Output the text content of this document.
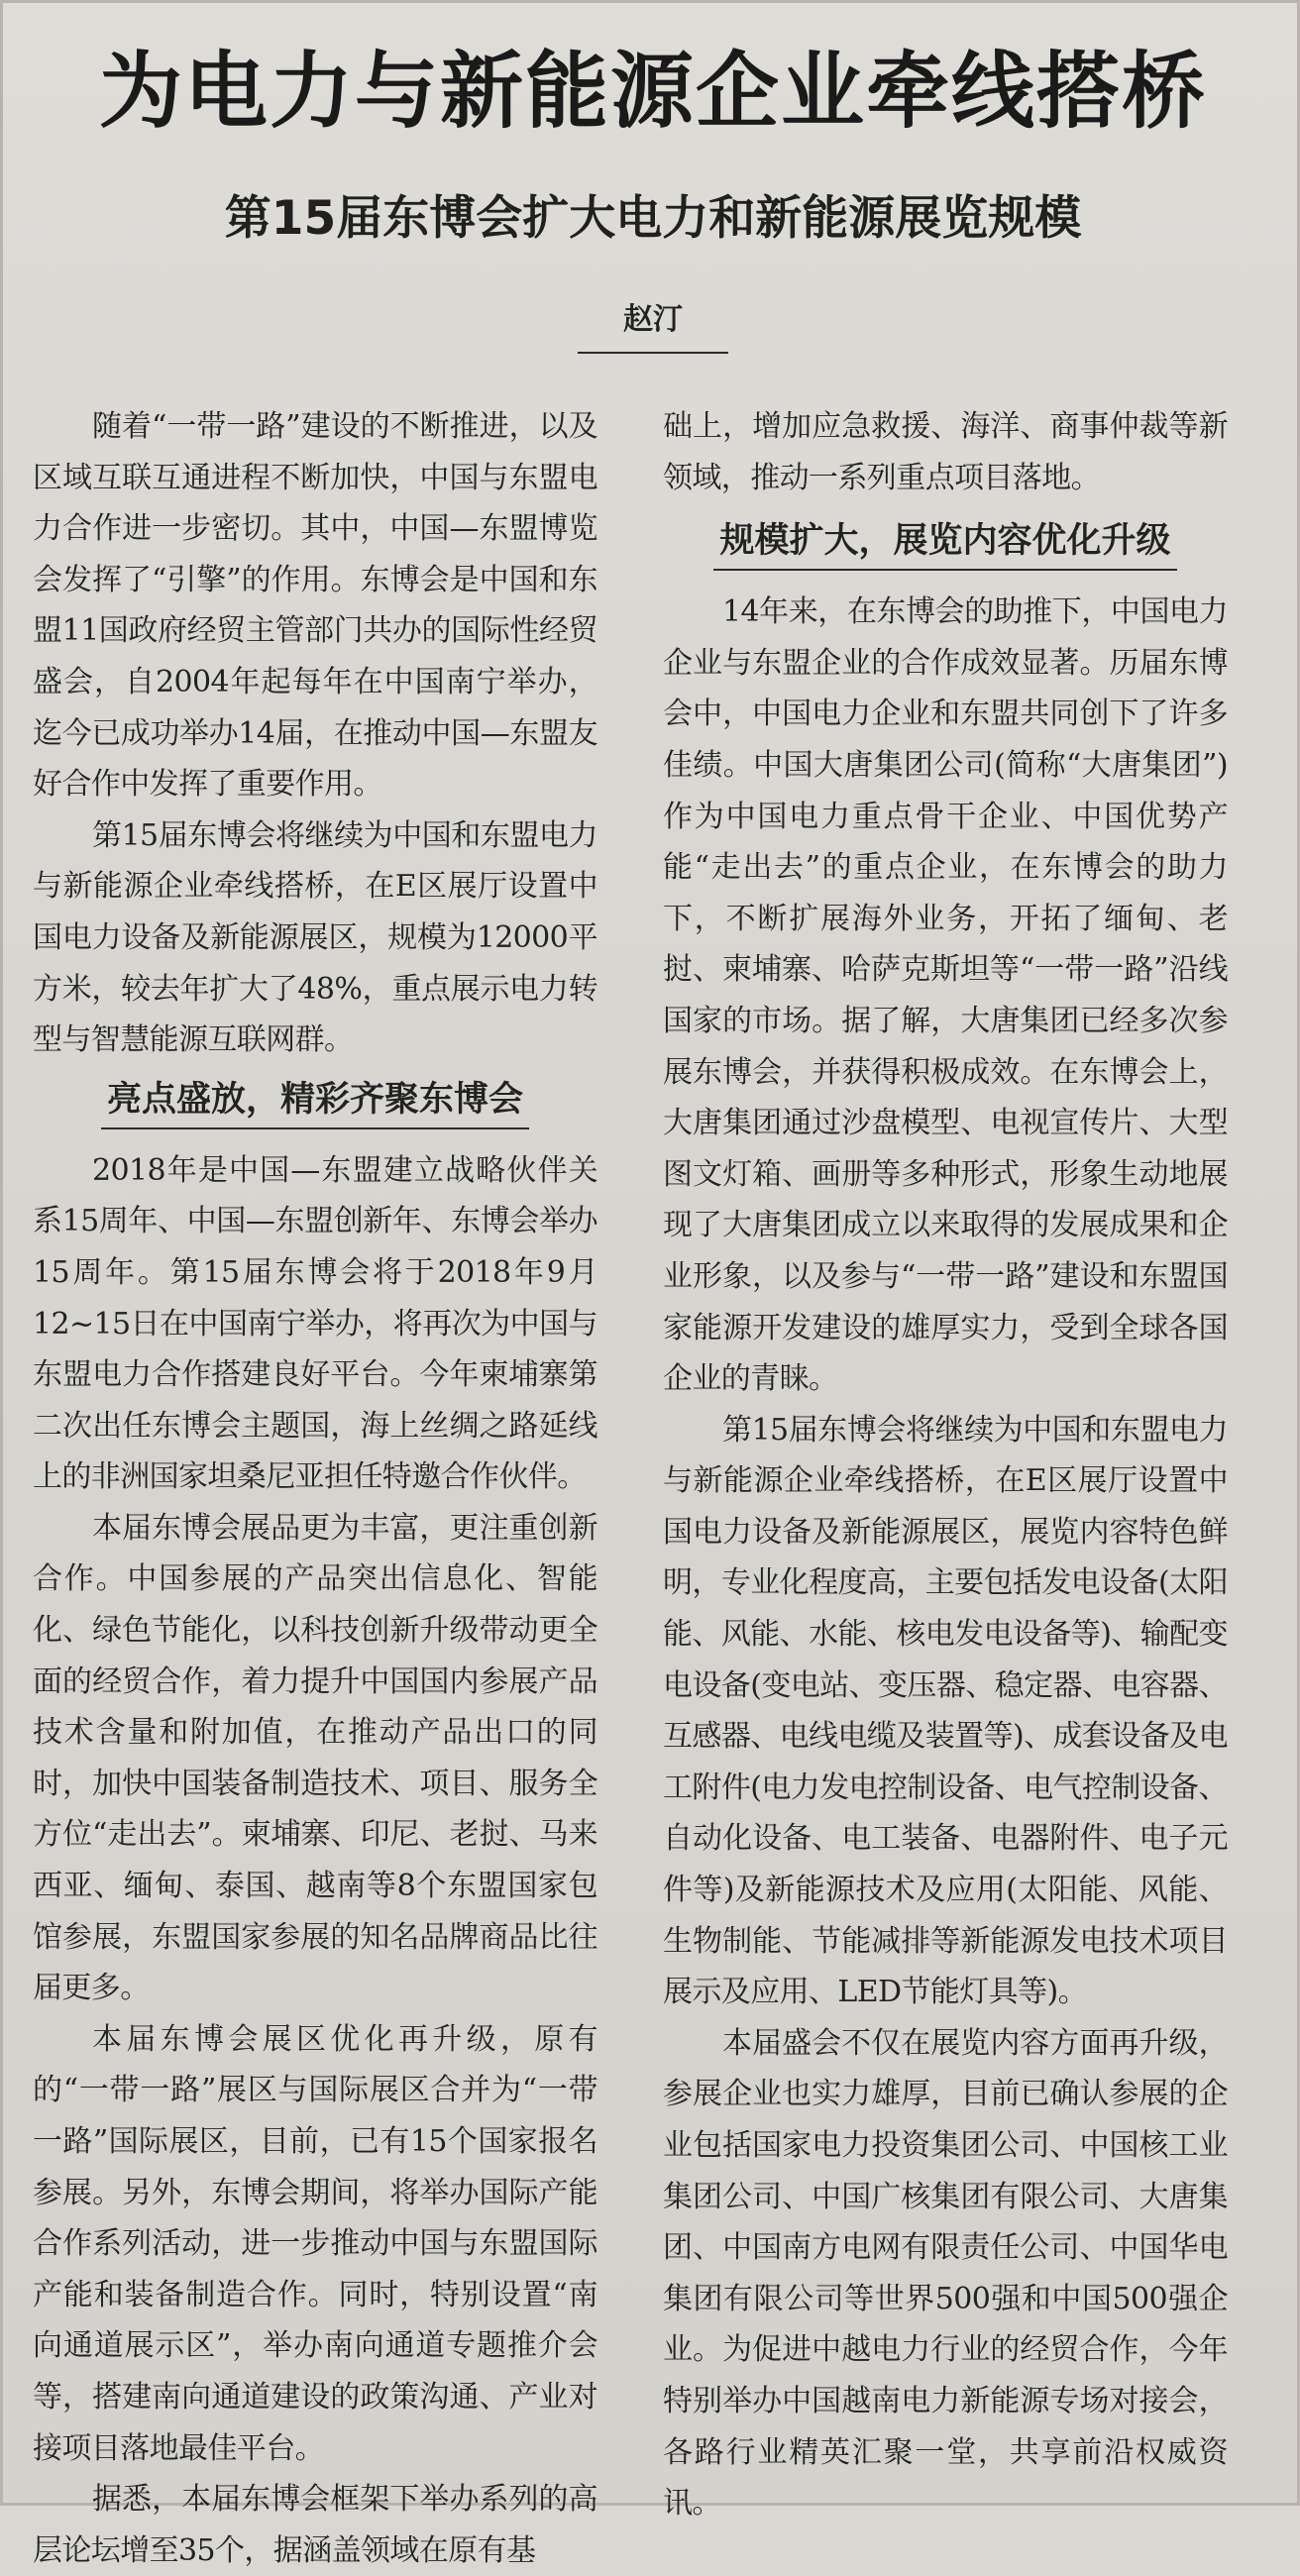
为电力与新能源企业牵线搭桥
第15届东博会扩大电力和新能源展览规模
赵汀

随着“一带一路”建设的不断推进，以及区域互联互通进程不断加快，中国与东盟电力合作进一步密切。其中，中国—东盟博览会发挥了“引擎”的作用。东博会是中国和东盟11国政府经贸主管部门共办的国际性经贸盛会，自2004年起每年在中国南宁举办，迄今已成功举办14届，在推动中国—东盟友好合作中发挥了重要作用。

第15届东博会将继续为中国和东盟电力与新能源企业牵线搭桥，在E区展厅设置中国电力设备及新能源展区，规模为12000平方米，较去年扩大了48%，重点展示电力转型与智慧能源互联网群。

亮点盛放，精彩齐聚东博会

2018年是中国—东盟建立战略伙伴关系15周年、中国—东盟创新年、东博会举办15周年。第15届东博会将于2018年9月12~15日在中国南宁举办，将再次为中国与东盟电力合作搭建良好平台。今年柬埔寨第二次出任东博会主题国，海上丝绸之路延线上的非洲国家坦桑尼亚担任特邀合作伙伴。

本届东博会展品更为丰富，更注重创新合作。中国参展的产品突出信息化、智能化、绿色节能化，以科技创新升级带动更全面的经贸合作，着力提升中国国内参展产品技术含量和附加值，在推动产品出口的同时，加快中国装备制造技术、项目、服务全方位“走出去”。柬埔寨、印尼、老挝、马来西亚、缅甸、泰国、越南等8个东盟国家包馆参展，东盟国家参展的知名品牌商品比往届更多。

本届东博会展区优化再升级，原有的“一带一路”展区与国际展区合并为“一带一路”国际展区，目前，已有15个国家报名参展。另外，东博会期间，将举办国际产能合作系列活动，进一步推动中国与东盟国际产能和装备制造合作。同时，特别设置“南向通道展示区”，举办南向通道专题推介会等，搭建南向通道建设的政策沟通、产业对接项目落地最佳平台。

据悉，本届东博会框架下举办系列的高层论坛增至35个，据涵盖领域在原有基

础上，增加应急救援、海洋、商事仲裁等新领域，推动一系列重点项目落地。

规模扩大，展览内容优化升级

14年来，在东博会的助推下，中国电力企业与东盟企业的合作成效显著。历届东博会中，中国电力企业和东盟共同创下了许多佳绩。中国大唐集团公司(简称“大唐集团”)作为中国电力重点骨干企业、中国优势产能“走出去”的重点企业，在东博会的助力下，不断扩展海外业务，开拓了缅甸、老挝、柬埔寨、哈萨克斯坦等“一带一路”沿线国家的市场。据了解，大唐集团已经多次参展东博会，并获得积极成效。在东博会上，大唐集团通过沙盘模型、电视宣传片、大型图文灯箱、画册等多种形式，形象生动地展现了大唐集团成立以来取得的发展成果和企业形象，以及参与“一带一路”建设和东盟国家能源开发建设的雄厚实力，受到全球各国企业的青睐。

第15届东博会将继续为中国和东盟电力与新能源企业牵线搭桥，在E区展厅设置中国电力设备及新能源展区，展览内容特色鲜明，专业化程度高，主要包括发电设备(太阳能、风能、水能、核电发电设备等)、输配变电设备(变电站、变压器、稳定器、电容器、互感器、电线电缆及装置等)、成套设备及电工附件(电力发电控制设备、电气控制设备、自动化设备、电工装备、电器附件、电子元件等)及新能源技术及应用(太阳能、风能、生物制能、节能减排等新能源发电技术项目展示及应用、LED节能灯具等)。

本届盛会不仅在展览内容方面再升级，参展企业也实力雄厚，目前已确认参展的企业包括国家电力投资集团公司、中国核工业集团公司、中国广核集团有限公司、大唐集团、中国南方电网有限责任公司、中国华电集团有限公司等世界500强和中国500强企业。为促进中越电力行业的经贸合作，今年特别举办中国越南电力新能源专场对接会，各路行业精英汇聚一堂，共享前沿权威资讯。
